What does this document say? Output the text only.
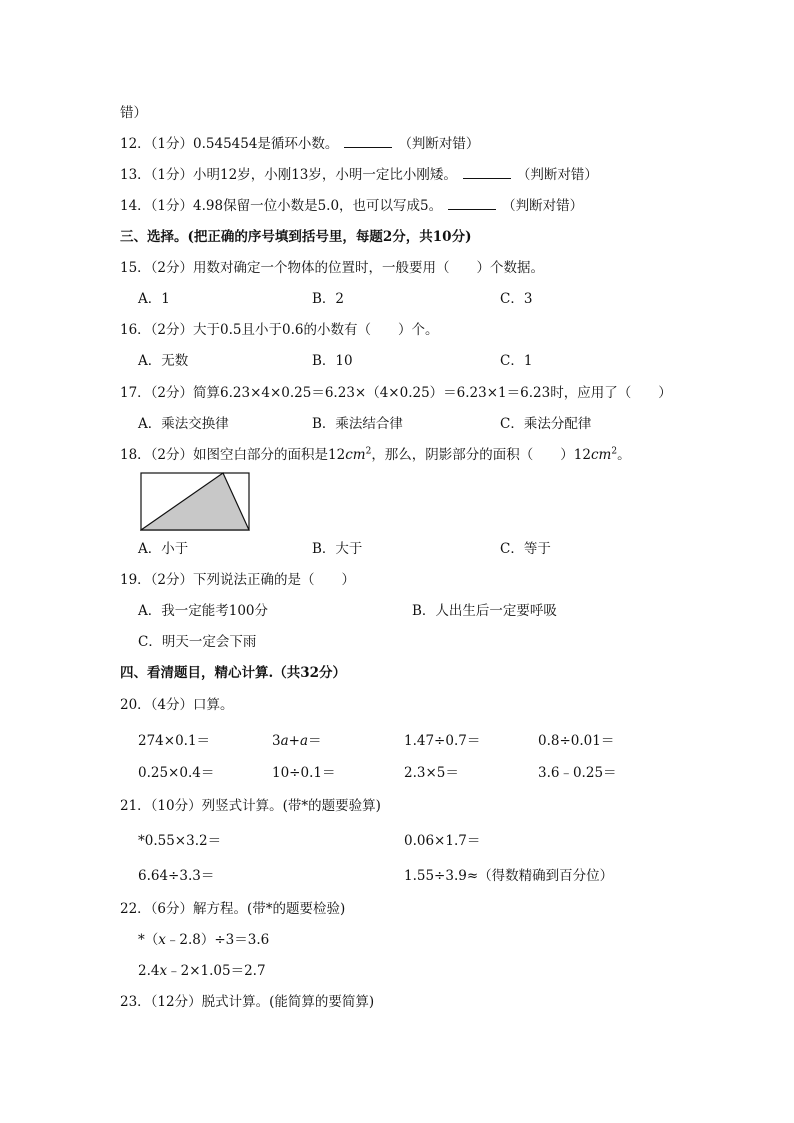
错）
12．（1分）0.545454是循环小数。	（判断对错）
13．（1分）小明12岁，小刚13岁，小明一定比小刚矮。	（判断对错）
14．（1分）4.98保留一位小数是5.0，也可以写成5。	（判断对错）
三、选择。(把正确的序号填到括号里，每题2分，共10分)
15．（2分）用数对确定一个物体的位置时，一般要用（　　）个数据。
A．1	B．2	C．3
16．（2分）大于0.5且小于0.6的小数有（　　）个。
A．无数	B．10	C．1
17．（2分）简算6.23×4×0.25＝6.23×（4×0.25）＝6.23×1＝6.23时，应用了（　　）
A．乘法交换律	B．乘法结合律	C．乘法分配律
18．（2分）如图空白部分的面积是$12cm^2$，那么，阴影部分的面积（　　）$12cm^2$。
A．小于	B．大于	C．等于
19．（2分）下列说法正确的是（　　）
A．我一定能考100分	B．人出生后一定要呼吸
C．明天一定会下雨
四、看清题目，精心计算.（共32分）
20．（4分）口算。
274×0.1＝	3a+a＝	1.47÷0.7＝	0.8÷0.01＝
0.25×0.4＝	10÷0.1＝	2.3×5＝	3.6﹣0.25＝
21．（10分）列竖式计算。(带*的题要验算)
*0.55×3.2＝	0.06×1.7＝
6.64÷3.3＝	1.55÷3.9≈（得数精确到百分位）
22．（6分）解方程。(带*的题要检验)
*（x﹣2.8）÷3＝3.6
2.4x﹣2×1.05＝2.7
23．（12分）脱式计算。(能简算的要简算)
